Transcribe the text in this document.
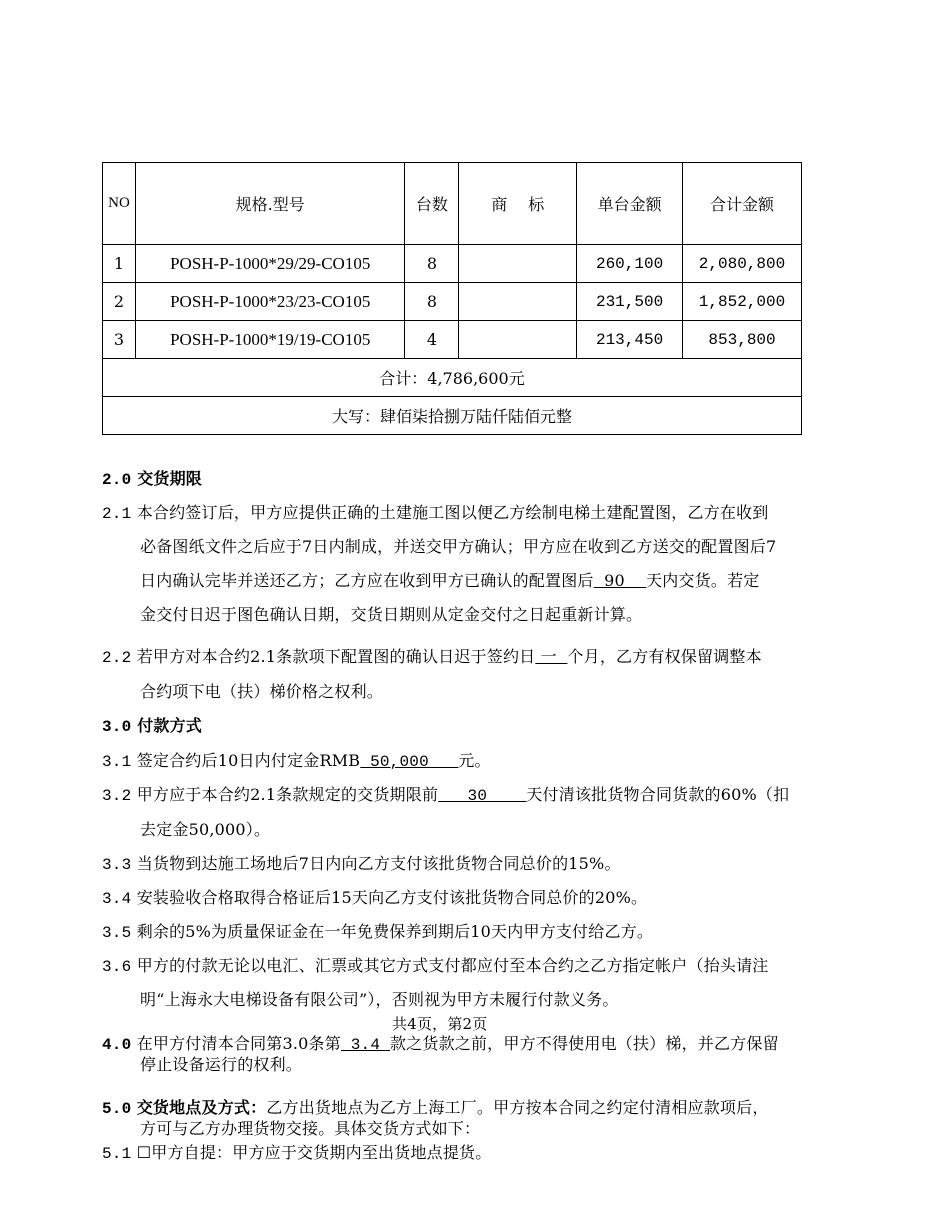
NO	规格.型号	台数	商　 标	单台金额	合计金额
1	POSH-P-1000*29/29-CO105	8		260,100	2,080,800
2	POSH-P-1000*23/23-CO105	8		231,500	1,852,000
3	POSH-P-1000*19/19-CO105	4		213,450	853,800
合计：4,786,600元					
大写：肆佰柒拾捌万陆仟陆佰元整					
2.0 交货期限
2.1 本合约签订后，甲方应提供正确的土建施工图以便乙方绘制电梯土建配置图，乙方在收到
必备图纸文件之后应于7日内制成，并送交甲方确认；甲方应在收到乙方送交的配置图后7
日内确认完毕并送还乙方；乙方应在收到甲方已确认的配置图后  90    天内交货。若定
金交付日迟于图色确认日期，交货日期则从定金交付之日起重新计算。
2.2 若甲方对本合约2.1条款项下配置图的确认日迟于签约日 一  个月，乙方有权保留调整本
合约项下电（扶）梯价格之权利。
3.0 付款方式
3.1 签定合约后10日内付定金RMB 50,000   元。
3.2 甲方应于本合约2.1条款规定的交货期限前   30    天付清该批货物合同货款的60%（扣
去定金50,000）。
3.3 当货物到达施工场地后7日内向乙方支付该批货物合同总价的15%。
3.4 安装验收合格取得合格证后15天向乙方支付该批货物合同总价的20%。
3.5 剩余的5%为质量保证金在一年免费保养到期后10天内甲方支付给乙方。
3.6 甲方的付款无论以电汇、汇票或其它方式支付都应付至本合约之乙方指定帐户（抬头请注
明“上海永大电梯设备有限公司”），否则视为甲方未履行付款义务。
共4页，第2页
4.0 在甲方付清本合同第3.0条第 3.4 款之货款之前，甲方不得使用电（扶）梯，并乙方保留
停止设备运行的权利。
5.0 交货地点及方式：乙方出货地点为乙方上海工厂。甲方按本合同之约定付清相应款项后，
方可与乙方办理货物交接。具体交货方式如下：
5.1 ☐甲方自提：甲方应于交货期内至出货地点提货。
